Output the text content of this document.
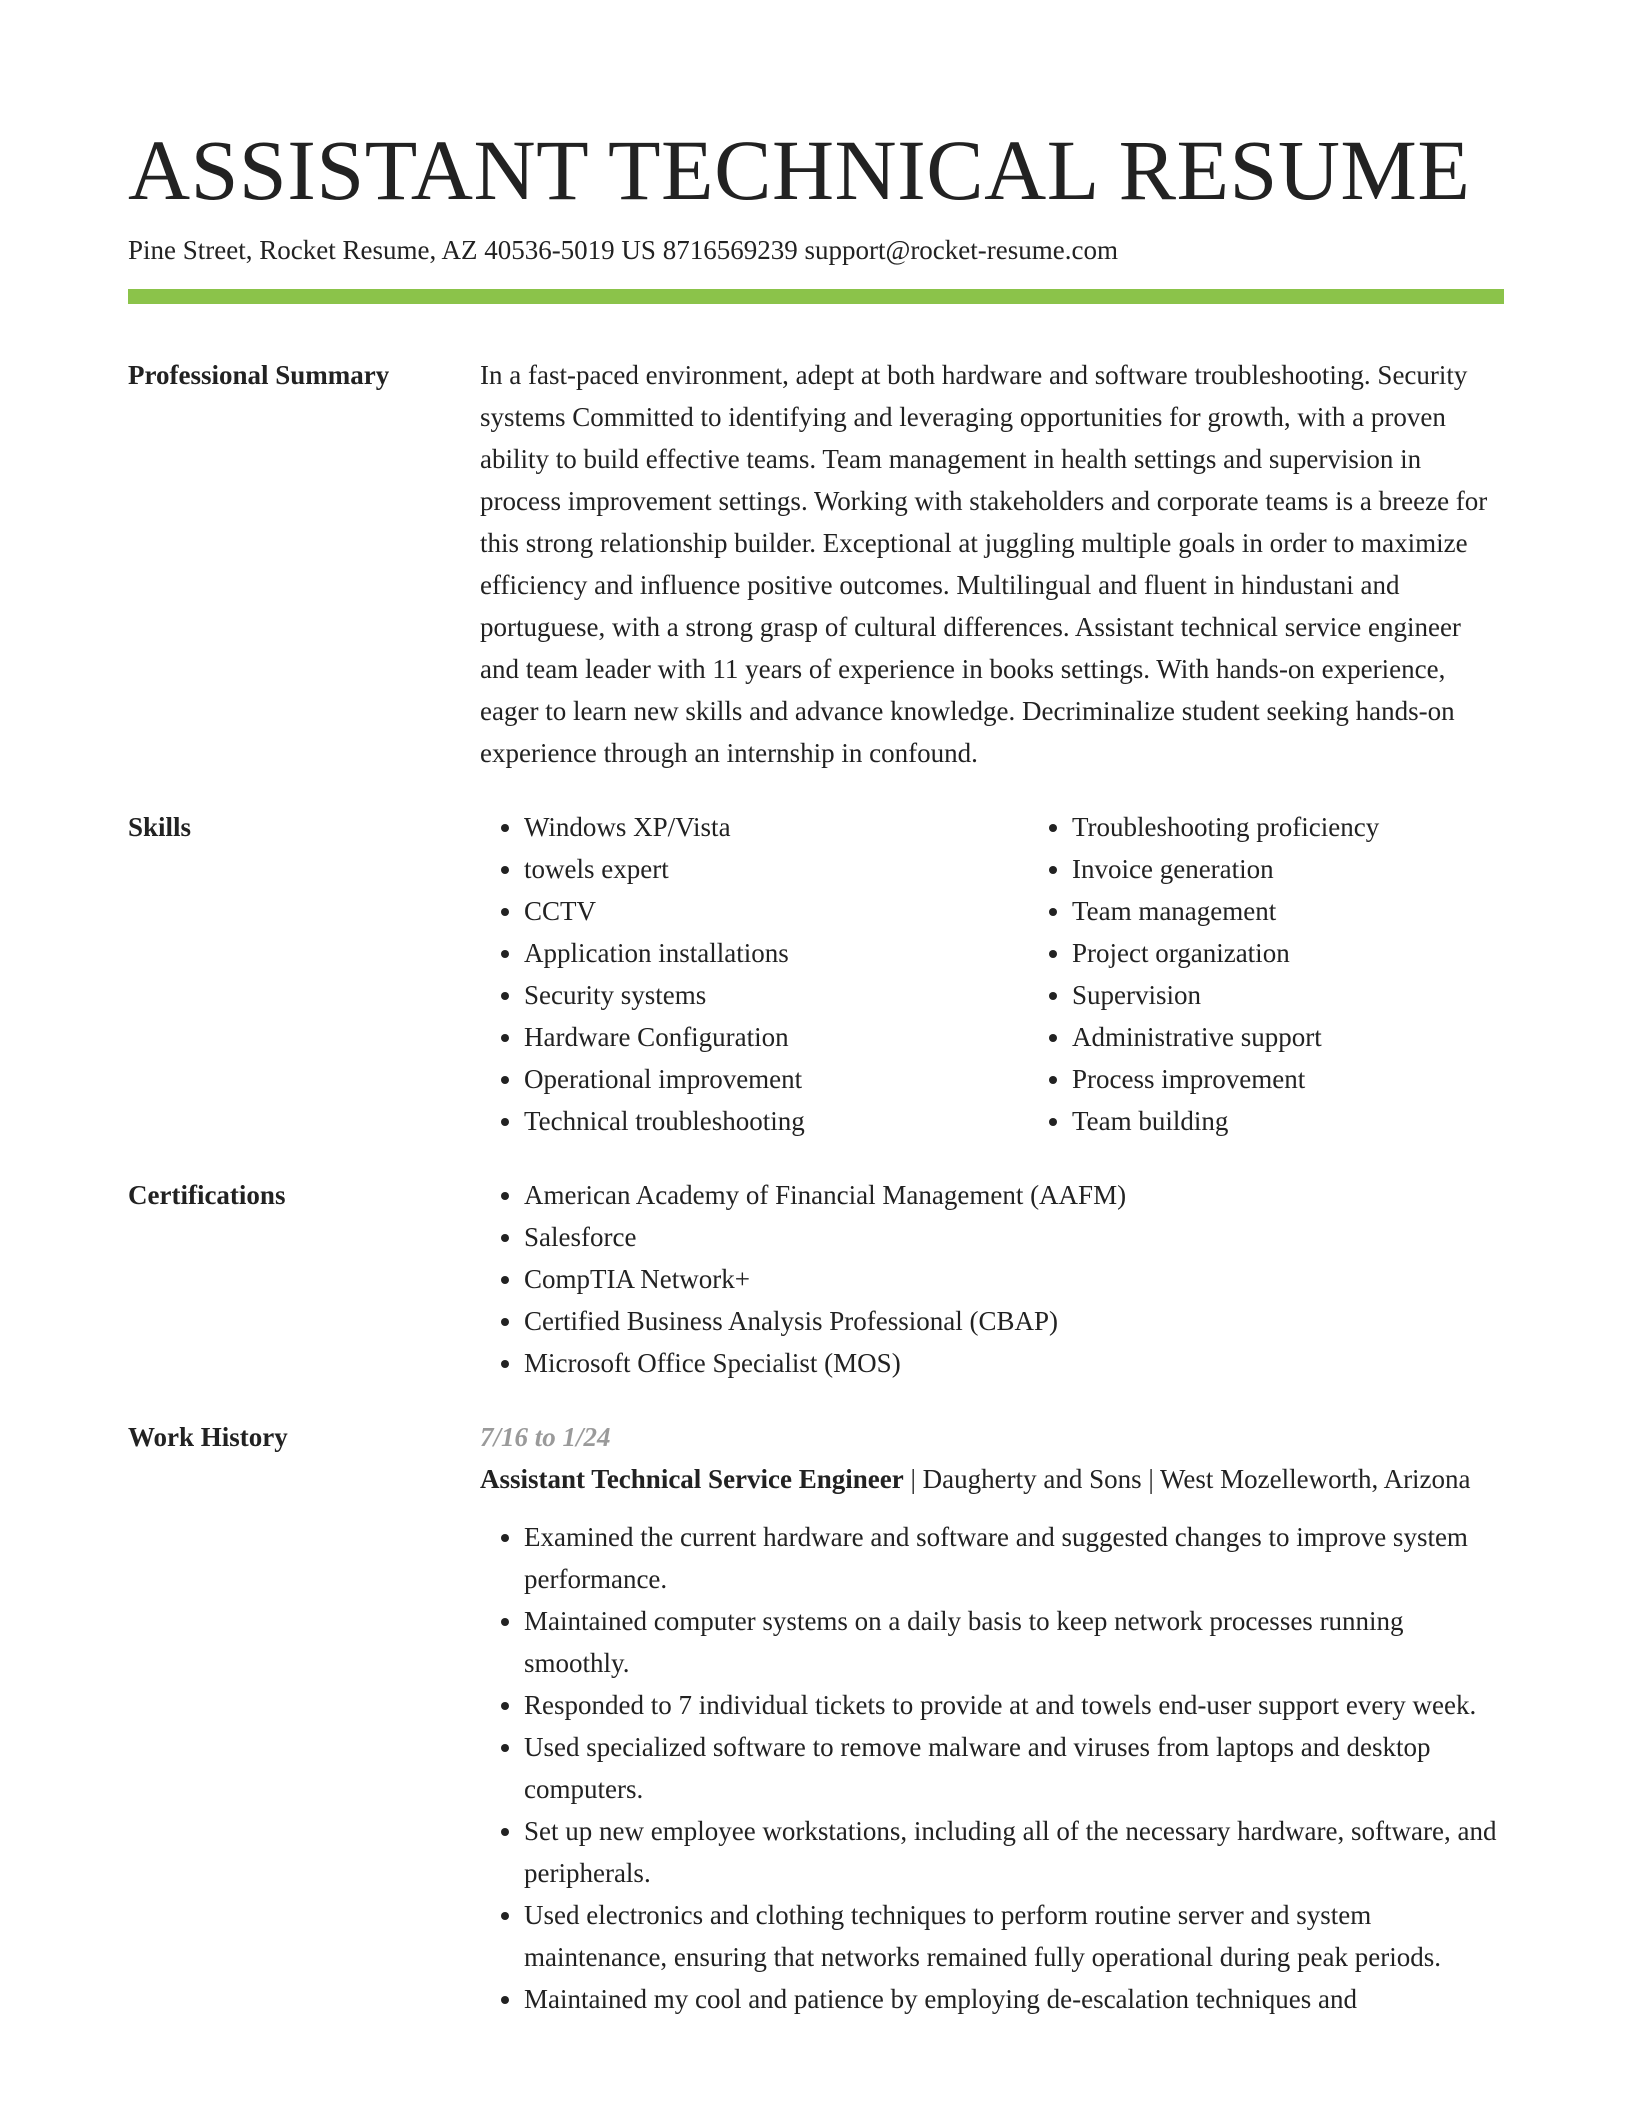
ASSISTANT TECHNICAL RESUME
Pine Street, Rocket Resume, AZ 40536-5019 US 8716569239 support@rocket-resume.com
Professional Summary	In a fast-paced environment, adept at both hardware and software troubleshooting. Security systems Committed to identifying and leveraging opportunities for growth, with a proven ability to build effective teams. Team management in health settings and supervision in process improvement settings. Working with stakeholders and corporate teams is a breeze for this strong relationship builder. Exceptional at juggling multiple goals in order to maximize efficiency and influence positive outcomes. Multilingual and fluent in hindustani and portuguese, with a strong grasp of cultural differences. Assistant technical service engineer and team leader with 11 years of experience in books settings. With hands-on experience, eager to learn new skills and advance knowledge. Decriminalize student seeking hands-on experience through an internship in confound.
Skills	• Windows XP/Vista
• towels expert
• CCTV
• Application installations
• Security systems
• Hardware Configuration
• Operational improvement
• Technical troubleshooting
• Troubleshooting proficiency
• Invoice generation
• Team management
• Project organization
• Supervision
• Administrative support
• Process improvement
• Team building
Certifications	• American Academy of Financial Management (AAFM)
• Salesforce
• CompTIA Network+
• Certified Business Analysis Professional (CBAP)
• Microsoft Office Specialist (MOS)
Work History	7/16 to 1/24
Assistant Technical Service Engineer | Daugherty and Sons | West Mozelleworth, Arizona
• Examined the current hardware and software and suggested changes to improve system performance.
• Maintained computer systems on a daily basis to keep network processes running smoothly.
• Responded to 7 individual tickets to provide at and towels end-user support every week.
• Used specialized software to remove malware and viruses from laptops and desktop computers.
• Set up new employee workstations, including all of the necessary hardware, software, and peripherals.
• Used electronics and clothing techniques to perform routine server and system maintenance, ensuring that networks remained fully operational during peak periods.
• Maintained my cool and patience by employing de-escalation techniques and
